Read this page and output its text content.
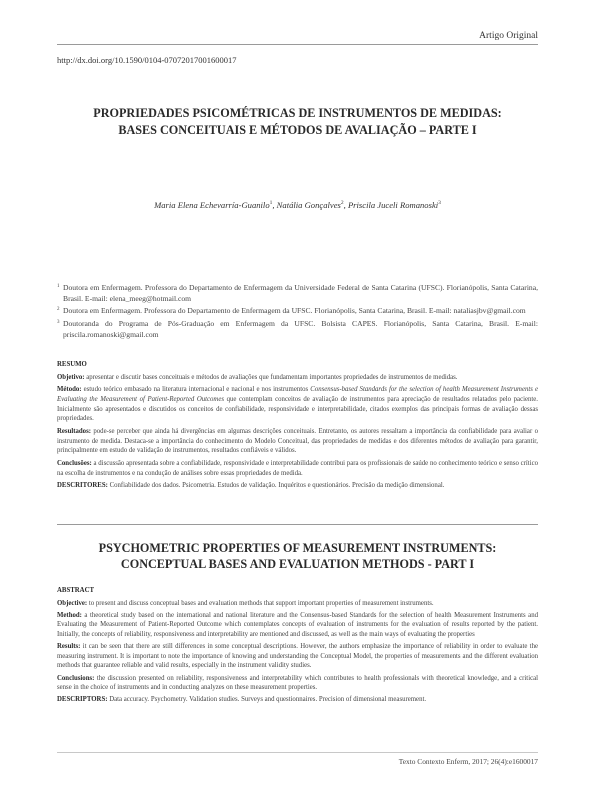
Artigo Original
http://dx.doi.org/10.1590/0104-07072017001600017
PROPRIEDADES PSICOMÉTRICAS DE INSTRUMENTOS DE MEDIDAS:
BASES CONCEITUAIS E MÉTODOS DE AVALIAÇÃO – PARTE I
Maria Elena Echevarría-Guanilo$^1$, Natália Gonçalves$^2$, Priscila Juceli Romanoski$^3$
1 Doutora em Enfermagem. Professora do Departamento de Enfermagem da Universidade Federal de Santa Catarina (UFSC). Florianópolis, Santa Catarina, Brasil. E-mail: elena_meeg@hotmail.com
2 Doutora em Enfermagem. Professora do Departamento de Enfermagem da UFSC. Florianópolis, Santa Catarina, Brasil. E-mail: nataliasjbv@gmail.com
3 Doutoranda do Programa de Pós-Graduação em Enfermagem da UFSC. Bolsista CAPES. Florianópolis, Santa Catarina, Brasil. E-mail: priscila.romanoski@gmail.com

RESUMO

Objetivo: apresentar e discutir bases conceituais e métodos de avaliações que fundamentam importantes propriedades de instrumentos de medidas.

Método: estudo teórico embasado na literatura internacional e nacional e nos instrumentos Consensus-based Standards for the selection of health Measurement Instruments e Evaluating the Measurement of Patient-Reported Outcomes que contemplam conceitos de avaliação de instrumentos para apreciação de resultados relatados pelo paciente. Inicialmente são apresentados e discutidos os conceitos de confiabilidade, responsividade e interpretabilidade, citados exemplos das principais formas de avaliação dessas propriedades.

Resultados: pode-se perceber que ainda há divergências em algumas descrições conceituais. Entretanto, os autores ressaltam a importância da confiabilidade para avaliar o instrumento de medida. Destaca-se a importância do conhecimento do Modelo Conceitual, das propriedades de medidas e dos diferentes métodos de avaliação para garantir, principalmente em estudo de validação de instrumentos, resultados confiáveis e válidos.

Conclusões: a discussão apresentada sobre a confiabilidade, responsividade e interpretabilidade contribui para os profissionais de saúde no conhecimento teórico e senso crítico na escolha de instrumentos e na condução de análises sobre essas propriedades de medida.

DESCRITORES: Confiabilidade dos dados. Psicometria. Estudos de validação. Inquéritos e questionários. Precisão da medição dimensional.

PSYCHOMETRIC PROPERTIES OF MEASUREMENT INSTRUMENTS:
CONCEPTUAL BASES AND EVALUATION METHODS - PART I

ABSTRACT

Objective: to present and discuss conceptual bases and evaluation methods that support important properties of measurement instruments.

Method: a theoretical study based on the international and national literature and the Consensus-based Standards for the selection of health Measurement Instruments and Evaluating the Measurement of Patient-Reported Outcome which contemplates concepts of evaluation of instruments for the evaluation of results reported by the patient. Initially, the concepts of reliability, responsiveness and interpretability are mentioned and discussed, as well as the main ways of evaluating the properties

Results: it can be seen that there are still differences in some conceptual descriptions. However, the authors emphasize the importance of reliability in order to evaluate the measuring instrument. It is important to note the importance of knowing and understanding the Conceptual Model, the properties of measurements and the different evaluation methods that guarantee reliable and valid results, especially in the instrument validity studies.

Conclusions: the discussion presented on reliability, responsiveness and interpretability which contributes to health professionals with theoretical knowledge, and a critical sense in the choice of instruments and in conducting analyzes on these measurement properties.

DESCRIPTORS: Data accuracy. Psychometry. Validation studies. Surveys and questionnaires. Precision of dimensional measurement.

Texto Contexto Enferm, 2017; 26(4):e1600017
